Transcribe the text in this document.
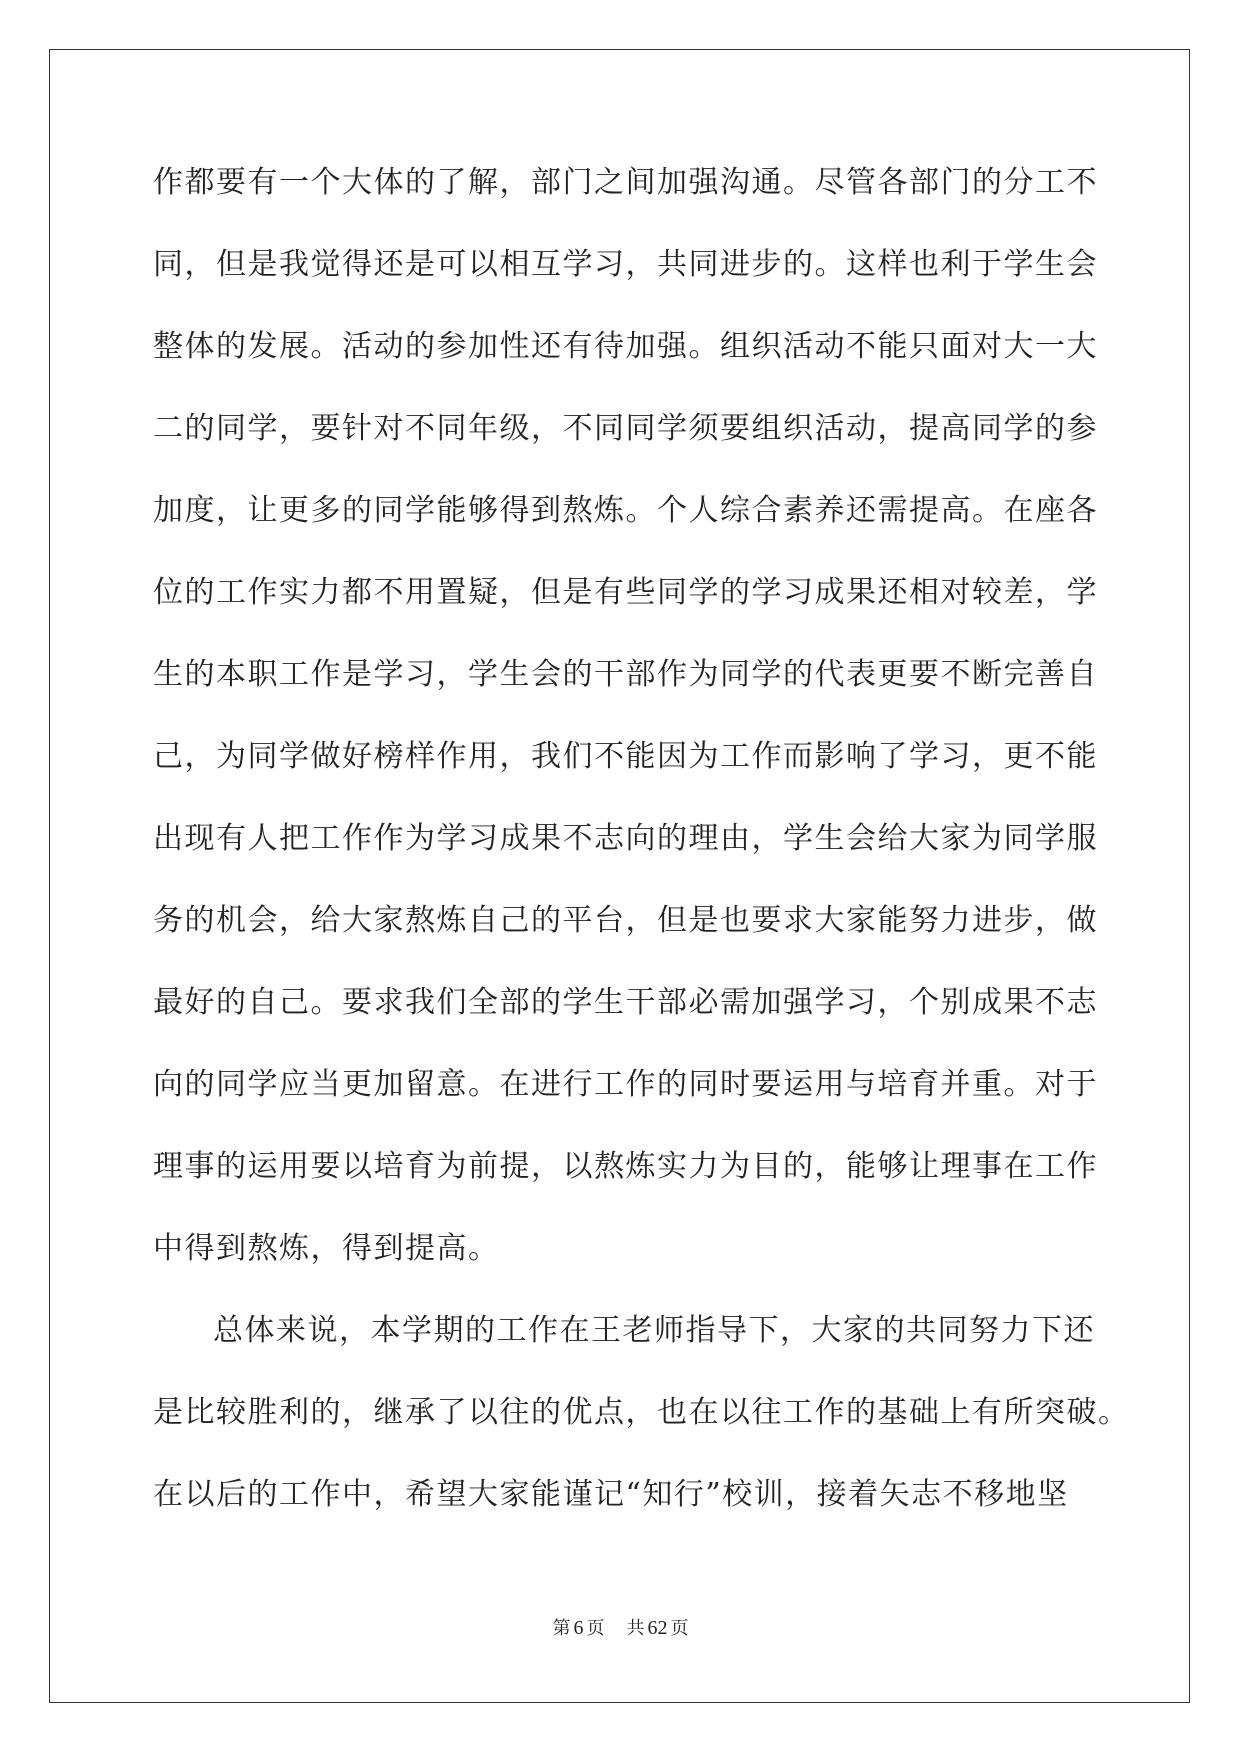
作都要有一个大体的了解，部门之间加强沟通。尽管各部门的分工不

同，但是我觉得还是可以相互学习，共同进步的。这样也利于学生会

整体的发展。活动的参加性还有待加强。组织活动不能只面对大一大

二的同学，要针对不同年级，不同同学须要组织活动，提高同学的参

加度，让更多的同学能够得到熬炼。个人综合素养还需提高。在座各

位的工作实力都不用置疑，但是有些同学的学习成果还相对较差，学

生的本职工作是学习，学生会的干部作为同学的代表更要不断完善自

己，为同学做好榜样作用，我们不能因为工作而影响了学习，更不能

出现有人把工作作为学习成果不志向的理由，学生会给大家为同学服

务的机会，给大家熬炼自己的平台，但是也要求大家能努力进步，做

最好的自己。要求我们全部的学生干部必需加强学习，个别成果不志

向的同学应当更加留意。在进行工作的同时要运用与培育并重。对于

理事的运用要以培育为前提，以熬炼实力为目的，能够让理事在工作

中得到熬炼，得到提高。

总体来说，本学期的工作在王老师指导下，大家的共同努力下还

是比较胜利的，继承了以往的优点，也在以往工作的基础上有所突破。

在以后的工作中，希望大家能谨记“知行”校训，接着矢志不移地坚

第 6 页 共 62 页
